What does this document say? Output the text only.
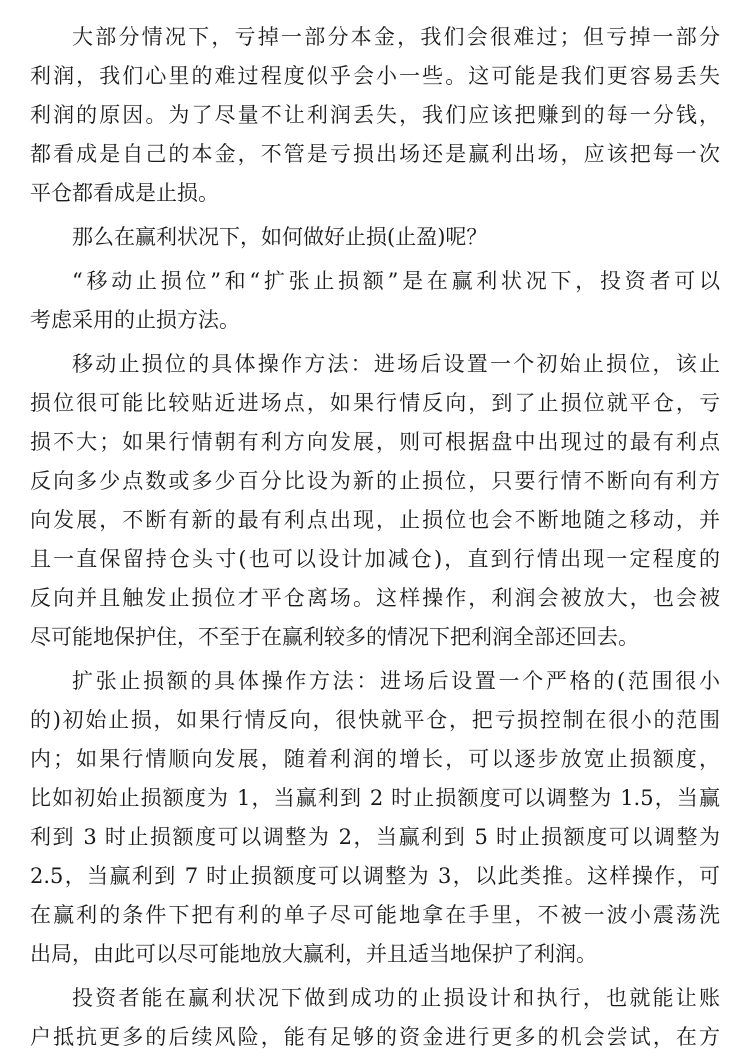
大部分情况下，亏掉一部分本金，我们会很难过；但亏掉一部分
利润，我们心里的难过程度似乎会小一些。这可能是我们更容易丢失
利润的原因。为了尽量不让利润丢失，我们应该把赚到的每一分钱，
都看成是自己的本金，不管是亏损出场还是赢利出场，应该把每一次
平仓都看成是止损。
那么在赢利状况下，如何做好止损(止盈)呢？
“移动止损位”和“扩张止损额”是在赢利状况下，投资者可以
考虑采用的止损方法。
移动止损位的具体操作方法：进场后设置一个初始止损位，该止
损位很可能比较贴近进场点，如果行情反向，到了止损位就平仓，亏
损不大；如果行情朝有利方向发展，则可根据盘中出现过的最有利点
反向多少点数或多少百分比设为新的止损位，只要行情不断向有利方
向发展，不断有新的最有利点出现，止损位也会不断地随之移动，并
且一直保留持仓头寸(也可以设计加减仓)，直到行情出现一定程度的
反向并且触发止损位才平仓离场。这样操作，利润会被放大，也会被
尽可能地保护住，不至于在赢利较多的情况下把利润全部还回去。
扩张止损额的具体操作方法：进场后设置一个严格的(范围很小
的)初始止损，如果行情反向，很快就平仓，把亏损控制在很小的范围
内；如果行情顺向发展，随着利润的增长，可以逐步放宽止损额度，
比如初始止损额度为 1，当赢利到 2 时止损额度可以调整为 1.5，当赢
利到 3 时止损额度可以调整为 2，当赢利到 5 时止损额度可以调整为
2.5，当赢利到 7 时止损额度可以调整为 3，以此类推。这样操作，可
在赢利的条件下把有利的单子尽可能地拿在手里，不被一波小震荡洗
出局，由此可以尽可能地放大赢利，并且适当地保护了利润。
投资者能在赢利状况下做到成功的止损设计和执行，也就能让账
户抵抗更多的后续风险，能有足够的资金进行更多的机会尝试，在方
